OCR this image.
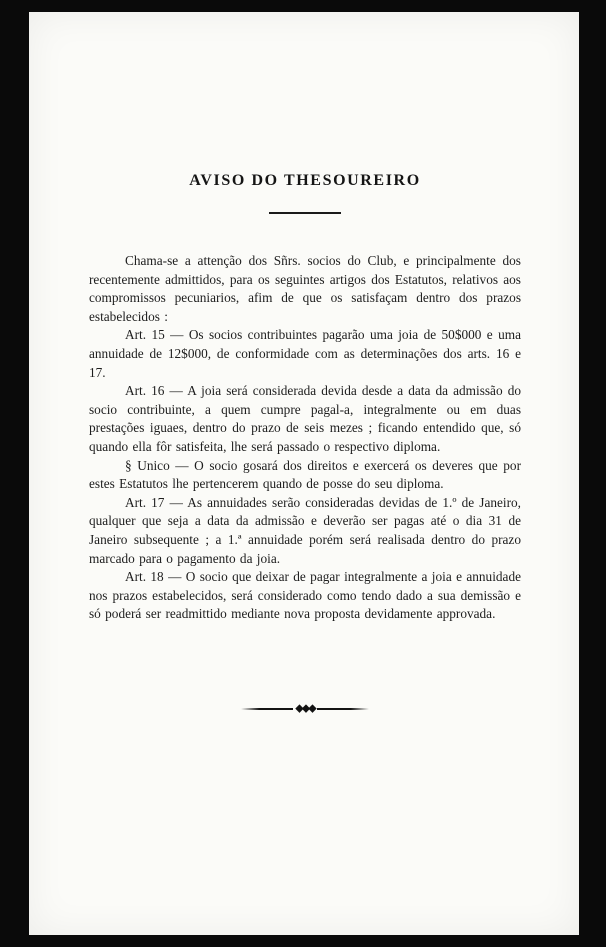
AVISO DO THESOUREIRO

Chama-se a attenção dos Sñrs. socios do Club, e principalmente dos recentemente admittidos, para os seguintes artigos dos Estatutos, relativos aos compromissos pecuniarios, afim de que os satisfaçam dentro dos prazos estabelecidos :

Art. 15 — Os socios contribuintes pagarão uma joia de 50$000 e uma annuidade de 12$000, de conformidade com as determinações dos arts. 16 e 17.

Art. 16 — A joia será considerada devida desde a data da admissão do socio contribuinte, a quem cumpre pagal-a, integralmente ou em duas prestações iguaes, dentro do prazo de seis mezes ; ficando entendido que, só quando ella fôr satisfeita, lhe será passado o respectivo diploma.

§ Unico — O socio gosará dos direitos e exercerá os deveres que por estes Estatutos lhe pertencerem quando de posse do seu diploma.

Art. 17 — As annuidades serão consideradas devidas de 1.º de Janeiro, qualquer que seja a data da admissão e deverão ser pagas até o dia 31 de Janeiro subsequente ; a 1.ª annuidade porém será realisada dentro do prazo marcado para o pagamento da joia.

Art. 18 — O socio que deixar de pagar integralmente a joia e annuidade nos prazos estabelecidos, será considerado como tendo dado a sua demissão e só poderá ser readmittido mediante nova proposta devidamente approvada.

◆◆◆
